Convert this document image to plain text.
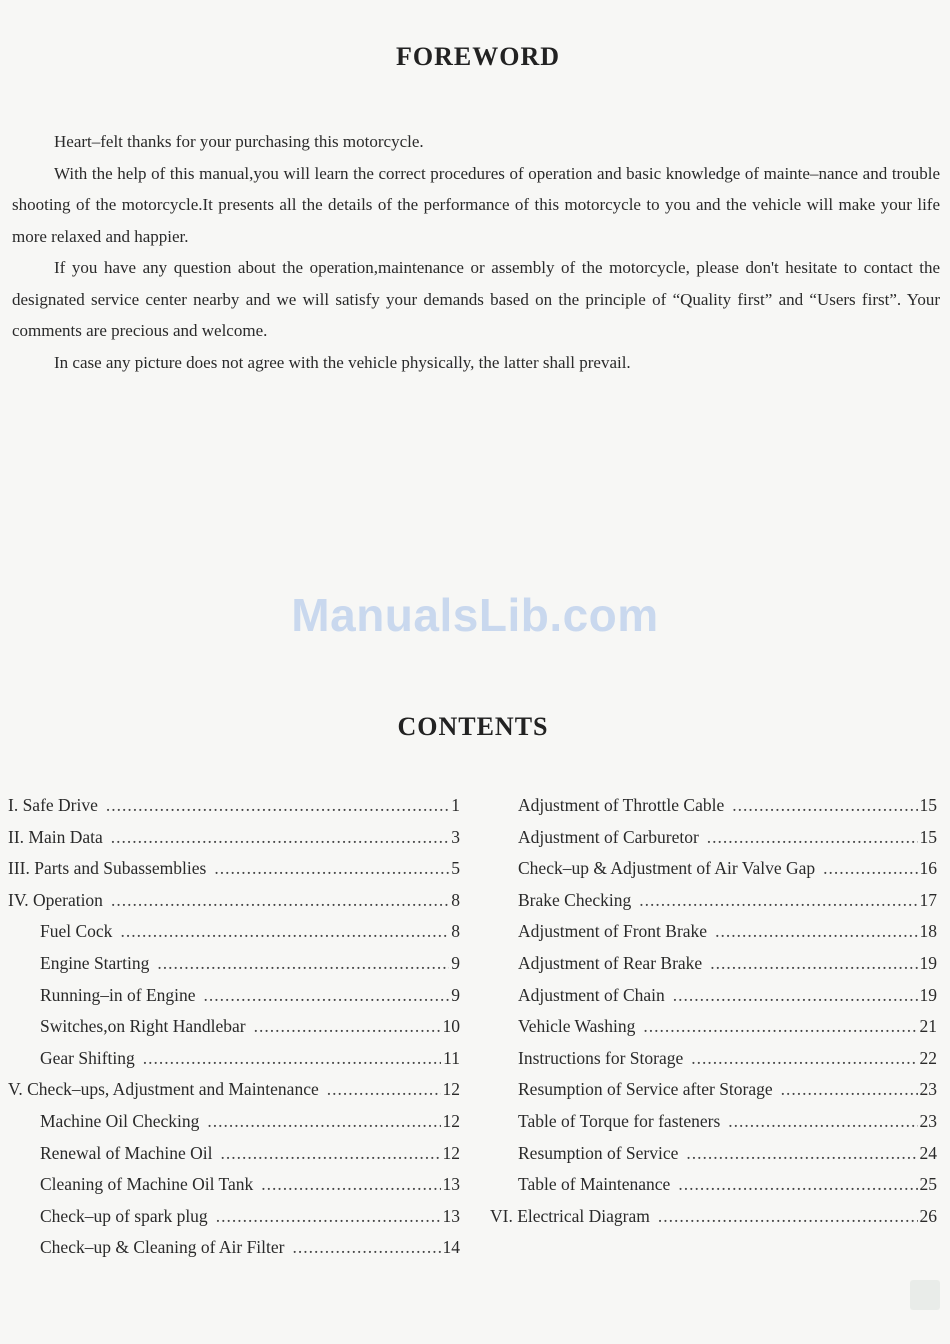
FOREWORD

Heart–felt thanks for your purchasing this motorcycle.

With the help of this manual,you will learn the correct procedures of operation and basic knowledge of mainte–nance and trouble shooting of the motorcycle.It presents all the details of the performance of this motorcycle to you and the vehicle will make your life more relaxed and happier.

If you have any question about the operation,maintenance or assembly of the motorcycle, please don't hesitate to contact the designated service center nearby and we will satisfy your demands based on the principle of “Quality first” and “Users first”. Your comments are precious and welcome.

In case any picture does not agree with the vehicle physically, the latter shall prevail.

ManualsLib.com
CONTENTS
I. Safe Drive .....	1
II. Main Data .....	3
III. Parts and Subassemblies .....	5
IV. Operation .....	8
Fuel Cock .....	8
Engine Starting .....	9
Running–in of Engine .....	9
Switches,on Right Handlebar .....	10
Gear Shifting .....	11
V. Check–ups, Adjustment and Maintenance .....	12
Machine Oil Checking .....	12
Renewal of Machine Oil .....	12
Cleaning of Machine Oil Tank .....	13
Check–up of spark plug .....	13
Check–up & Cleaning of Air Filter .....	14
Adjustment of Throttle Cable .....	15
Adjustment of Carburetor .....	15
Check–up & Adjustment of Air Valve Gap .....	16
Brake Checking .....	17
Adjustment of Front Brake .....	18
Adjustment of Rear Brake .....	19
Adjustment of Chain .....	19
Vehicle Washing .....	21
Instructions for Storage .....	22
Resumption of Service after Storage .....	23
Table of Torque for fasteners .....	23
Resumption of Service .....	24
Table of Maintenance .....	25
VI. Electrical Diagram .....	26
